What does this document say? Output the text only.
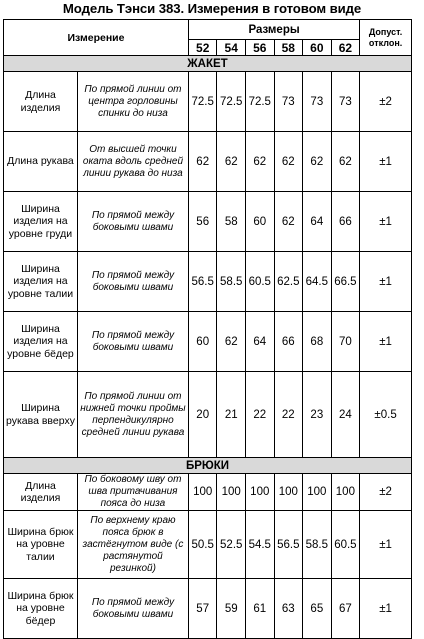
Модель Тэнси 383. Измерения в готовом виде
Измерение		Размеры						Допуст. отклон.
		52	54	56	58	60	62	
ЖАКЕТ								
Длина изделия	По прямой линии от центра горловины спинки до низа	72.5	72.5	72.5	73	73	73	±2
Длина рукава	От высшей точки оката вдоль средней линии рукава до низа	62	62	62	62	62	62	±1
Ширина изделия на уровне груди	По прямой между боковыми швами	56	58	60	62	64	66	±1
Ширина изделия на уровне талии	По прямой между боковыми швами	56.5	58.5	60.5	62.5	64.5	66.5	±1
Ширина изделия на уровне бёдер	По прямой между боковыми швами	60	62	64	66	68	70	±1
Ширина рукава вверху	По прямой линии от нижней точки проймы перпендикулярно средней линии рукава	20	21	22	22	23	24	±0.5
БРЮКИ								
Длина изделия	По боковому шву от шва притачивания пояса до низа	100	100	100	100	100	100	±2
Ширина брюк на уровне талии	По верхнему краю пояса брюк в застёгнутом виде (с растянутой резинкой)	50.5	52.5	54.5	56.5	58.5	60.5	±1
Ширина брюк на уровне бёдер	По прямой между боковыми швами	57	59	61	63	65	67	±1
